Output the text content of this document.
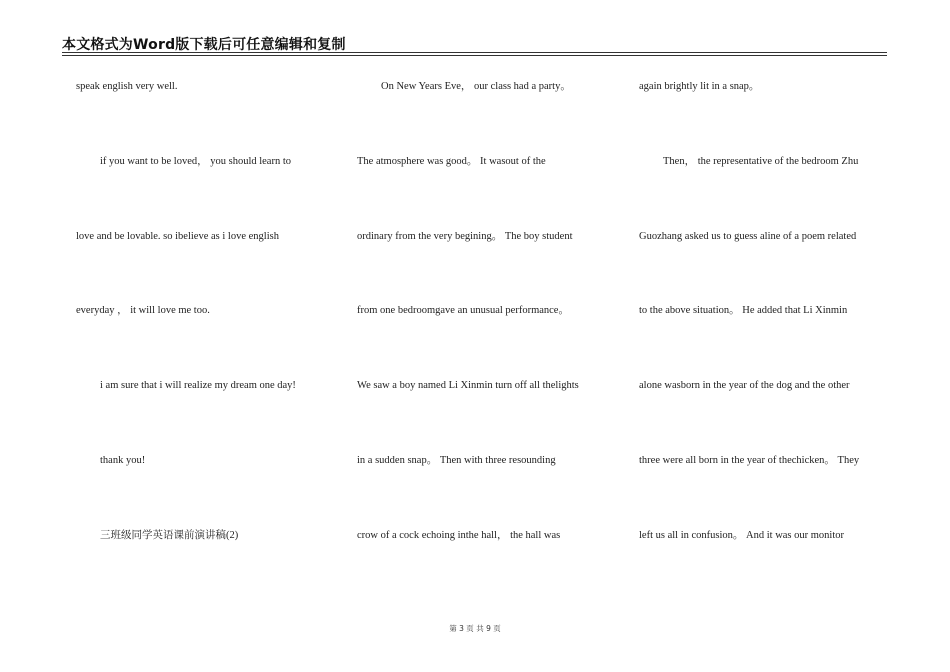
本文格式为Word版下载后可任意编辑和复制
speak english very well.
if you want to be loved， you should learn to
love and be lovable. so ibelieve as i love english
everyday ， it will love me too.
i am sure that i will realize my dream one day!
thank you!
三班级同学英语课前演讲稿(2)
On New Years Eve， our class had a party。
The atmosphere was good。 It wasout of the
ordinary from the very begining。 The boy student
from one bedroomgave an unusual performance。
We saw a boy named Li Xinmin turn off all thelights
in a sudden snap。 Then with three resounding
crow of a cock echoing inthe hall， the hall was
again brightly lit in a snap。
Then， the representative of the bedroom Zhu
Guozhang asked us to guess aline of a poem related
to the above situation。 He added that Li Xinmin
alone wasborn in the year of the dog and the other
three were all born in the year of thechicken。 They
left us all in confusion。 And it was our monitor
第 3 页 共 9 页
